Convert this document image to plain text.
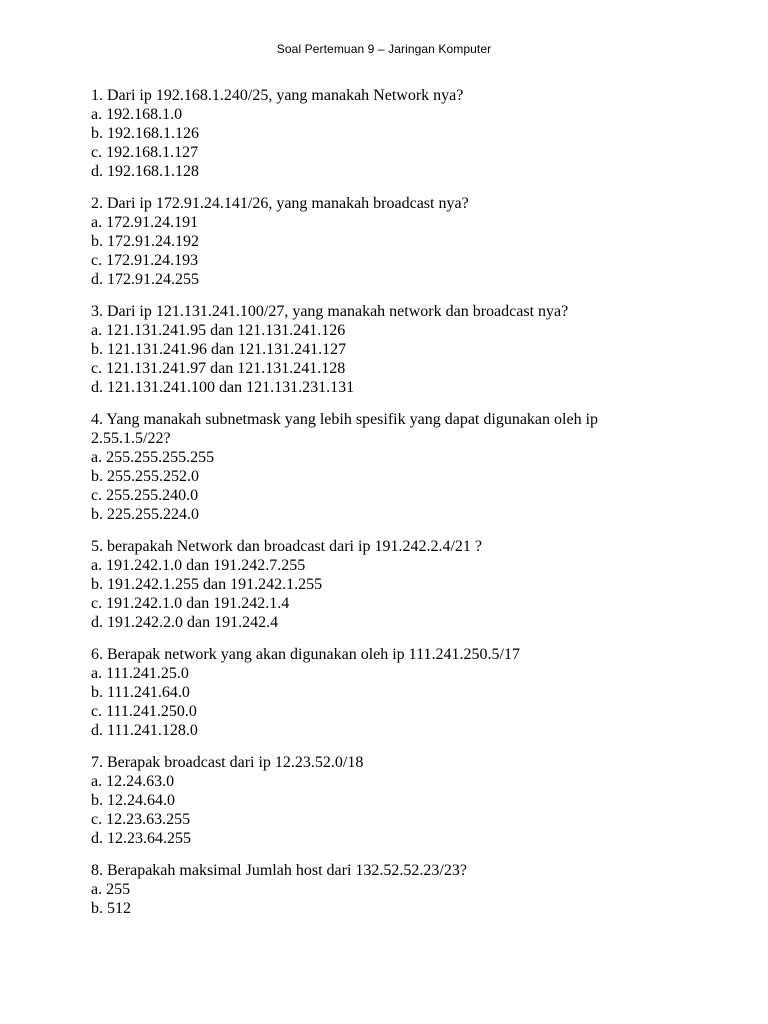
Soal Pertemuan 9 – Jaringan Komputer
1. Dari ip 192.168.1.240/25, yang manakah Network nya?
a. 192.168.1.0
b. 192.168.1.126
c. 192.168.1.127
d. 192.168.1.128
2. Dari ip 172.91.24.141/26, yang manakah broadcast nya?
a. 172.91.24.191
b. 172.91.24.192
c. 172.91.24.193
d. 172.91.24.255
3. Dari ip 121.131.241.100/27, yang manakah network dan broadcast nya?
a. 121.131.241.95 dan 121.131.241.126
b. 121.131.241.96 dan 121.131.241.127
c. 121.131.241.97 dan 121.131.241.128
d. 121.131.241.100 dan 121.131.231.131
4. Yang manakah subnetmask yang lebih spesifik yang dapat digunakan oleh ip 2.55.1.5/22?
a. 255.255.255.255
b. 255.255.252.0
c. 255.255.240.0
b. 225.255.224.0
5. berapakah Network dan broadcast dari ip 191.242.2.4/21 ?
a. 191.242.1.0 dan 191.242.7.255
b. 191.242.1.255 dan 191.242.1.255
c. 191.242.1.0 dan 191.242.1.4
d. 191.242.2.0 dan 191.242.4
6. Berapak network yang akan digunakan oleh ip 111.241.250.5/17
a. 111.241.25.0
b. 111.241.64.0
c. 111.241.250.0
d. 111.241.128.0
7. Berapak broadcast dari ip 12.23.52.0/18
a. 12.24.63.0
b. 12.24.64.0
c. 12.23.63.255
d. 12.23.64.255
8. Berapakah maksimal Jumlah host dari 132.52.52.23/23?
a. 255
b. 512
